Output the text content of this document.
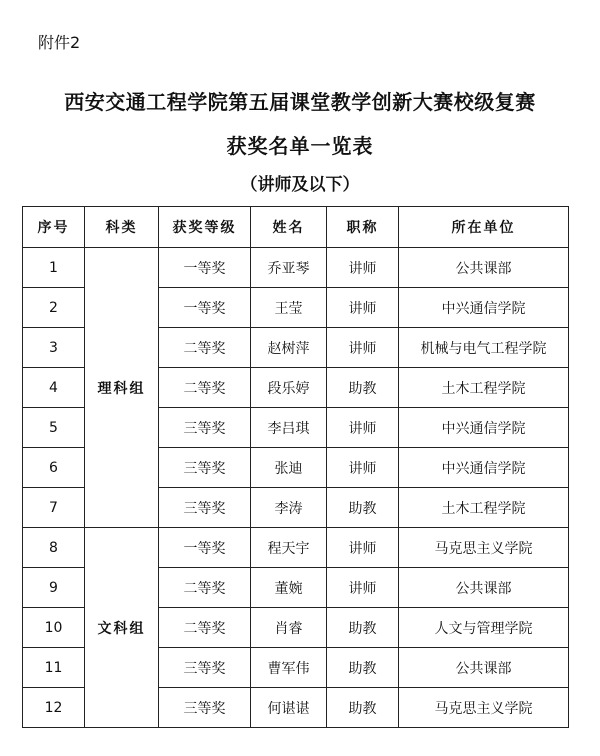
附件2
西安交通工程学院第五届课堂教学创新大赛校级复赛
获奖名单一览表
（讲师及以下）
序号	科类	获奖等级	姓名	职称	所在单位
1	理科组	一等奖	乔亚琴	讲师	公共课部
2		一等奖	王莹	讲师	中兴通信学院
3		二等奖	赵树萍	讲师	机械与电气工程学院
4		二等奖	段乐婷	助教	土木工程学院
5		三等奖	李吕琪	讲师	中兴通信学院
6		三等奖	张迪	讲师	中兴通信学院
7		三等奖	李涛	助教	土木工程学院
8	文科组	一等奖	程天宇	讲师	马克思主义学院
9		二等奖	董婉	讲师	公共课部
10		二等奖	肖睿	助教	人文与管理学院
11		三等奖	曹军伟	助教	公共课部
12		三等奖	何谌谌	助教	马克思主义学院
